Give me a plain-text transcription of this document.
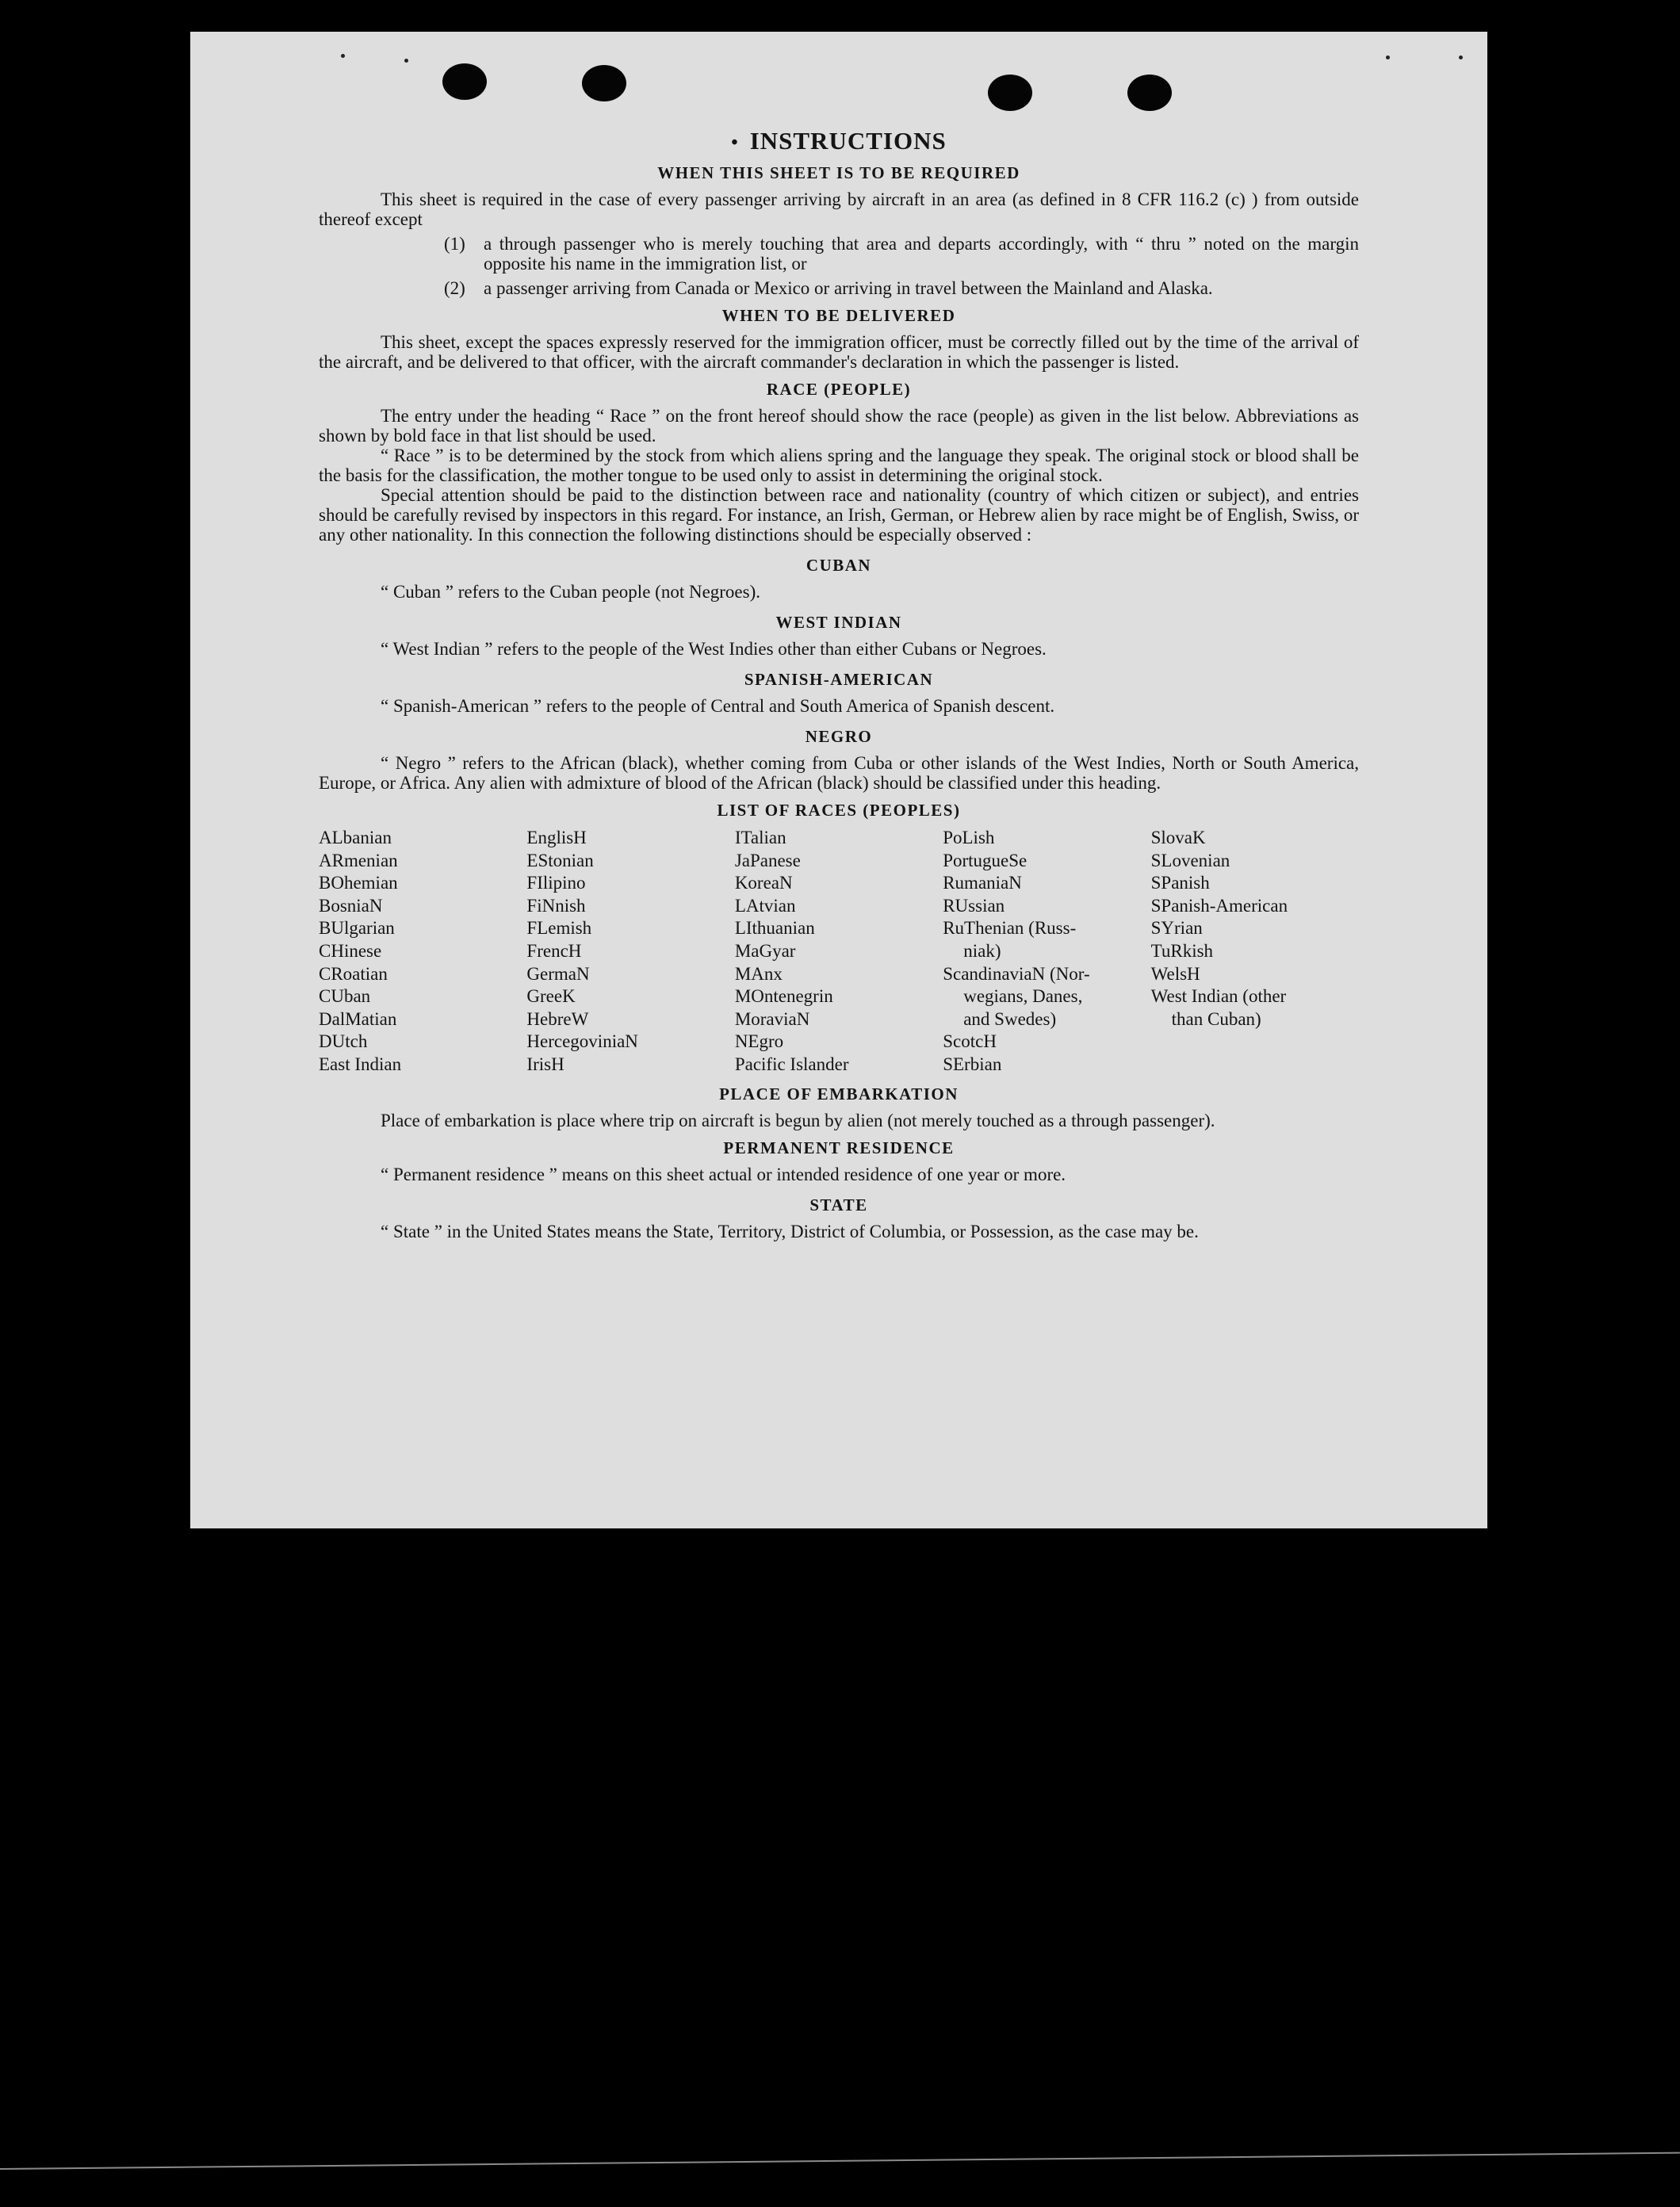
• INSTRUCTIONS
WHEN THIS SHEET IS TO BE REQUIRED

This sheet is required in the case of every passenger arriving by aircraft in an area (as defined in 8 CFR 116.2 (c) ) from outside thereof except

(1)	a through passenger who is merely touching that area and departs accordingly, with “ thru ” noted on the margin opposite his name in the immigration list, or
(2)	a passenger arriving from Canada or Mexico or arriving in travel between the Mainland and Alaska.
WHEN TO BE DELIVERED

This sheet, except the spaces expressly reserved for the immigration officer, must be correctly filled out by the time of the arrival of the aircraft, and be delivered to that officer, with the aircraft commander's declaration in which the passenger is listed.

RACE (PEOPLE)

The entry under the heading “ Race ” on the front hereof should show the race (people) as given in the list below. Abbreviations as shown by bold face in that list should be used.

“ Race ” is to be determined by the stock from which aliens spring and the language they speak. The original stock or blood shall be the basis for the classification, the mother tongue to be used only to assist in determining the original stock.

Special attention should be paid to the distinction between race and nationality (country of which citizen or subject), and entries should be carefully revised by inspectors in this regard. For instance, an Irish, German, or Hebrew alien by race might be of English, Swiss, or any other nationality. In this connection the following distinctions should be especially observed :

CUBAN

“ Cuban ” refers to the Cuban people (not Negroes).

WEST INDIAN

“ West Indian ” refers to the people of the West Indies other than either Cubans or Negroes.

SPANISH-AMERICAN

“ Spanish-American ” refers to the people of Central and South America of Spanish descent.

NEGRO

“ Negro ” refers to the African (black), whether coming from Cuba or other islands of the West Indies, North or South America, Europe, or Africa. Any alien with admixture of blood of the African (black) should be classified under this heading.

LIST OF RACES (PEOPLES)
ALbanian
ARmenian
BOhemian
BosniaN
BUlgarian
CHinese
CRoatian
CUban
DalMatian
DUtch
East Indian
EnglisH
EStonian
FIlipino
FiNnish
FLemish
FrencH
GermaN
GreeK
HebreW
HercegoviniaN
IrisH
ITalian
JaPanese
KoreaN
LAtvian
LIthuanian
MaGyar
MAnx
MOntenegrin
MoraviaN
NEgro
Pacific Islander
PoLish
PortugueSe
RumaniaN
RUssian
RuThenian (Russ-
niak)
ScandinaviaN (Nor-
wegians, Danes,
and Swedes)
ScotcH
SErbian
SlovaK
SLovenian
SPanish
SPanish-American
SYrian
TuRkish
WelsH
West Indian (other
than Cuban)
PLACE OF EMBARKATION

Place of embarkation is place where trip on aircraft is begun by alien (not merely touched as a through passenger).

PERMANENT RESIDENCE

“ Permanent residence ” means on this sheet actual or intended residence of one year or more.

STATE

“ State ” in the United States means the State, Territory, District of Columbia, or Possession, as the case may be.
